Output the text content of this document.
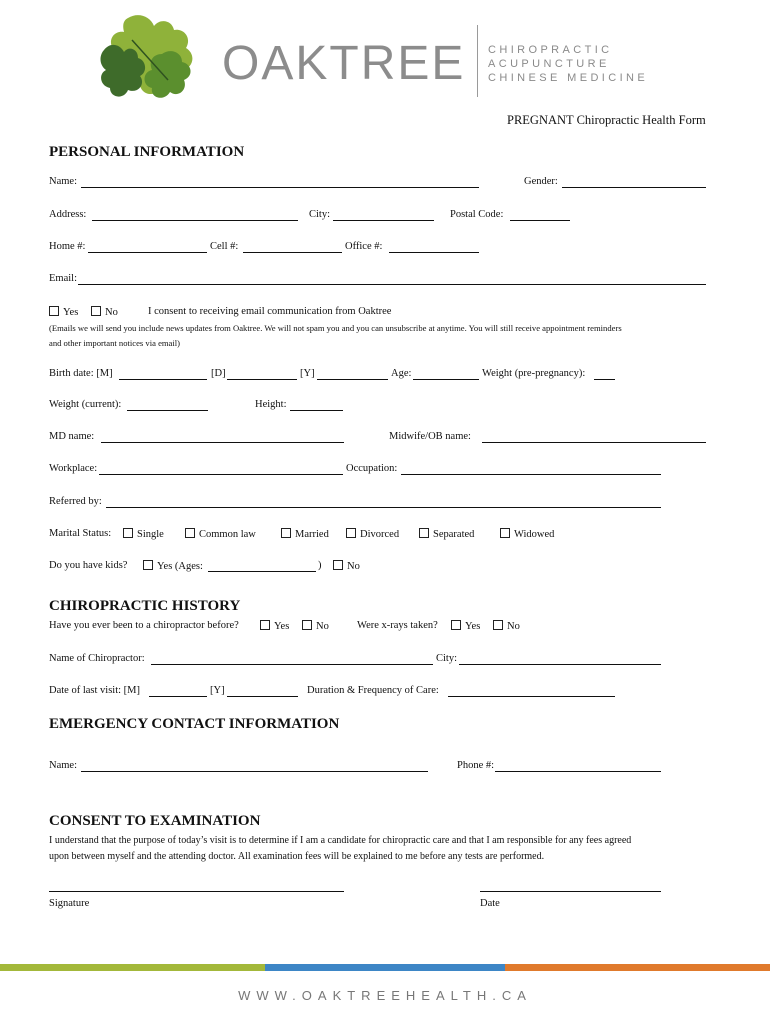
OAKTREE CHIROPRACTIC
ACUPUNCTURE
CHINESE MEDICINE
PREGNANT Chiropractic Health Form
PERSONAL INFORMATION
Name:	Gender:
Address:	City:	Postal Code:
Home #:	Cell #:	Office #:
Email:
Yes	No	I consent to receiving email communication from Oaktree
(Emails we will send you include news updates from Oaktree. We will not spam you and you can unsubscribe at anytime. You will still receive appointment reminders
and other important notices via email)
Birth date: [M]	[D]	[Y]	Age:	Weight (pre-pregnancy):
Weight (current):	Height:
MD name:	Midwife/OB name:
Workplace:	Occupation:
Referred by:
Marital Status:	Single	Common law	Married	Divorced	Separated	Widowed
Do you have kids?	Yes (Ages:	)	No
CHIROPRACTIC HISTORY
Have you ever been to a chiropractor before?	Yes	No	Were x-rays taken?	Yes	No
Name of Chiropractor:	City:
Date of last visit: [M]	[Y]	Duration & Frequency of Care:
EMERGENCY CONTACT INFORMATION
Name:	Phone #:
CONSENT TO EXAMINATION
I understand that the purpose of today’s visit is to determine if I am a candidate for chiropractic care and that I am responsible for any fees agreed
upon between myself and the attending doctor. All examination fees will be explained to me before any tests are performed.
Signature	Date
WWW.OAKTREEHEALTH.CA
